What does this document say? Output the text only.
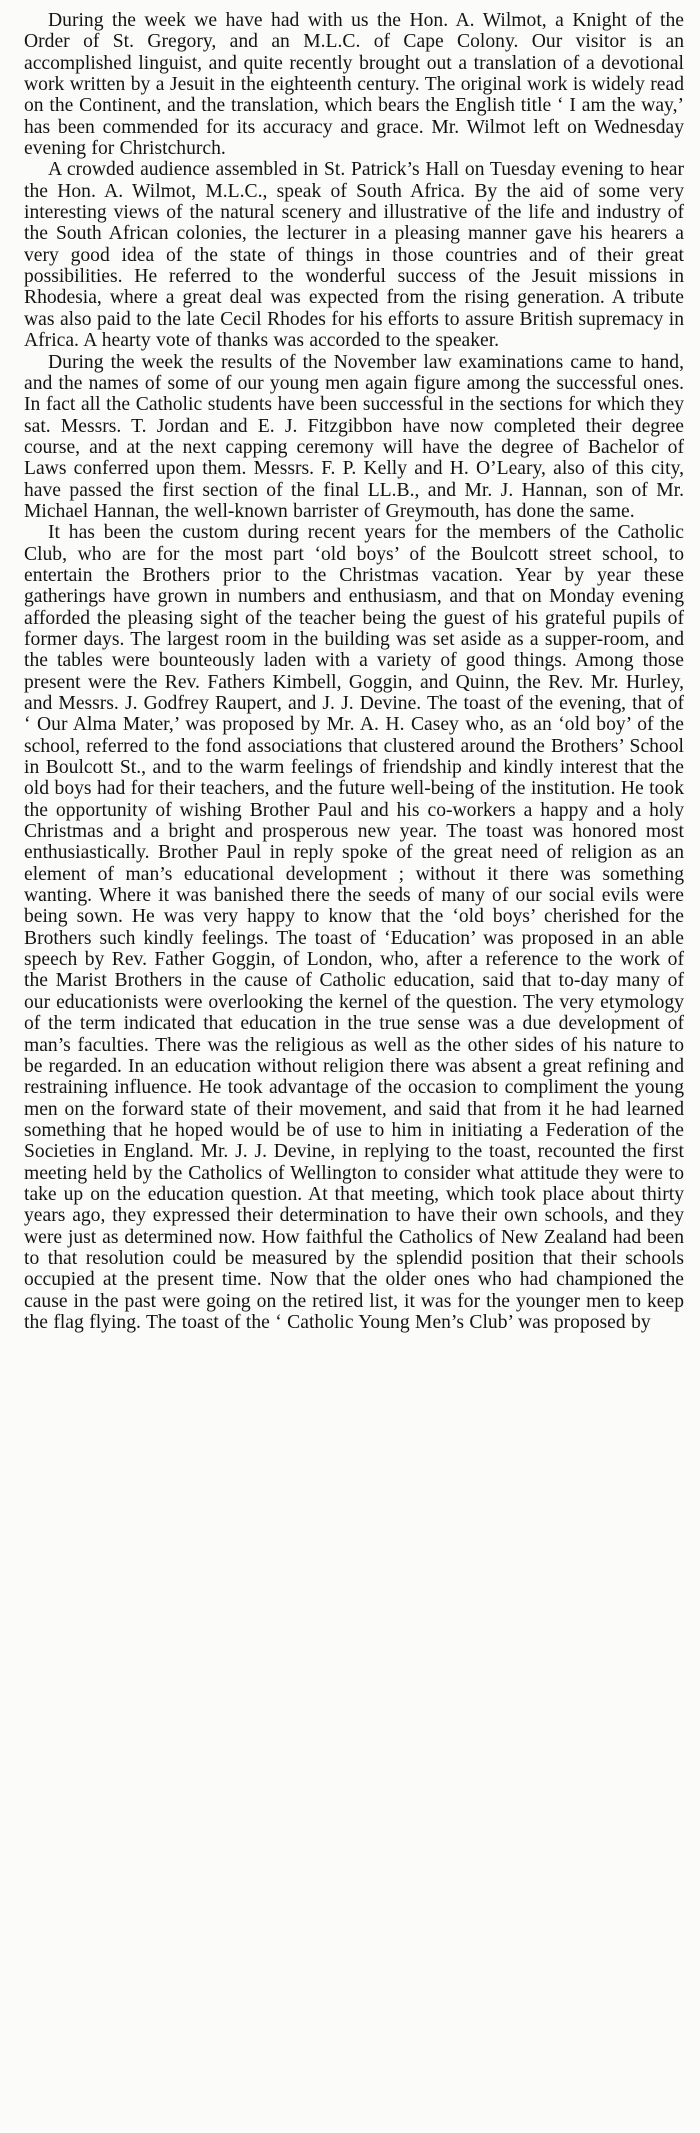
During the week we have had with us the Hon. A. Wilmot, a Knight of the Order of St. Gregory, and an M.L.C. of Cape Colony. Our visitor is an accomplished linguist, and quite recently brought out a translation of a devotional work written by a Jesuit in the eighteenth century. The original work is widely read on the Continent, and the translation, which bears the English title ‘ I am the way,’ has been commended for its accuracy and grace. Mr. Wilmot left on Wednesday evening for Christchurch.

A crowded audience assembled in St. Patrick’s Hall on Tuesday evening to hear the Hon. A. Wilmot, M.L.C., speak of South Africa. By the aid of some very interesting views of the natural scenery and illustrative of the life and industry of the South African colonies, the lecturer in a pleasing manner gave his hearers a very good idea of the state of things in those countries and of their great possibilities. He referred to the wonderful success of the Jesuit missions in Rhodesia, where a great deal was expected from the rising generation. A tribute was also paid to the late Cecil Rhodes for his efforts to assure British supremacy in Africa. A hearty vote of thanks was accorded to the speaker.

During the week the results of the November law examinations came to hand, and the names of some of our young men again figure among the successful ones. In fact all the Catholic students have been successful in the sections for which they sat. Messrs. T. Jordan and E. J. Fitzgibbon have now completed their degree course, and at the next capping ceremony will have the degree of Bachelor of Laws conferred upon them. Messrs. F. P. Kelly and H. O’Leary, also of this city, have passed the first section of the final LL.B., and Mr. J. Hannan, son of Mr. Michael Hannan, the well-known barrister of Greymouth, has done the same.

It has been the custom during recent years for the members of the Catholic Club, who are for the most part ‘old boys’ of the Boulcott street school, to entertain the Brothers prior to the Christmas vacation. Year by year these gatherings have grown in numbers and enthusiasm, and that on Monday evening afforded the pleasing sight of the teacher being the guest of his grateful pupils of former days. The largest room in the building was set aside as a supper-room, and the tables were bounteously laden with a variety of good things. Among those present were the Rev. Fathers Kimbell, Goggin, and Quinn, the Rev. Mr. Hurley, and Messrs. J. Godfrey Raupert, and J. J. Devine. The toast of the evening, that of ‘ Our Alma Mater,’ was proposed by Mr. A. H. Casey who, as an ‘old boy’ of the school, referred to the fond associations that clustered around the Brothers’ School in Boulcott St., and to the warm feelings of friendship and kindly interest that the old boys had for their teachers, and the future well-being of the institution. He took the opportunity of wishing Brother Paul and his co-workers a happy and a holy Christmas and a bright and prosperous new year. The toast was honored most enthusiastically. Brother Paul in reply spoke of the great need of religion as an element of man’s educational development ; without it there was something wanting. Where it was banished there the seeds of many of our social evils were being sown. He was very happy to know that the ‘old boys’ cherished for the Brothers such kindly feelings. The toast of ‘Education’ was proposed in an able speech by Rev. Father Goggin, of London, who, after a reference to the work of the Marist Brothers in the cause of Catholic education, said that to-day many of our educationists were overlooking the kernel of the question. The very etymology of the term indicated that education in the true sense was a due development of man’s faculties. There was the religious as well as the other sides of his nature to be regarded. In an education without religion there was absent a great refining and restraining influence. He took advantage of the occasion to compliment the young men on the forward state of their movement, and said that from it he had learned something that he hoped would be of use to him in initiating a Federation of the Societies in England. Mr. J. J. Devine, in replying to the toast, recounted the first meeting held by the Catholics of Wellington to consider what attitude they were to take up on the education question. At that meeting, which took place about thirty years ago, they expressed their determination to have their own schools, and they were just as determined now. How faithful the Catholics of New Zealand had been to that resolution could be measured by the splendid position that their schools occupied at the present time. Now that the older ones who had championed the cause in the past were going on the retired list, it was for the younger men to keep the flag flying. The toast of the ‘ Catholic Young Men’s Club’ was proposed by
